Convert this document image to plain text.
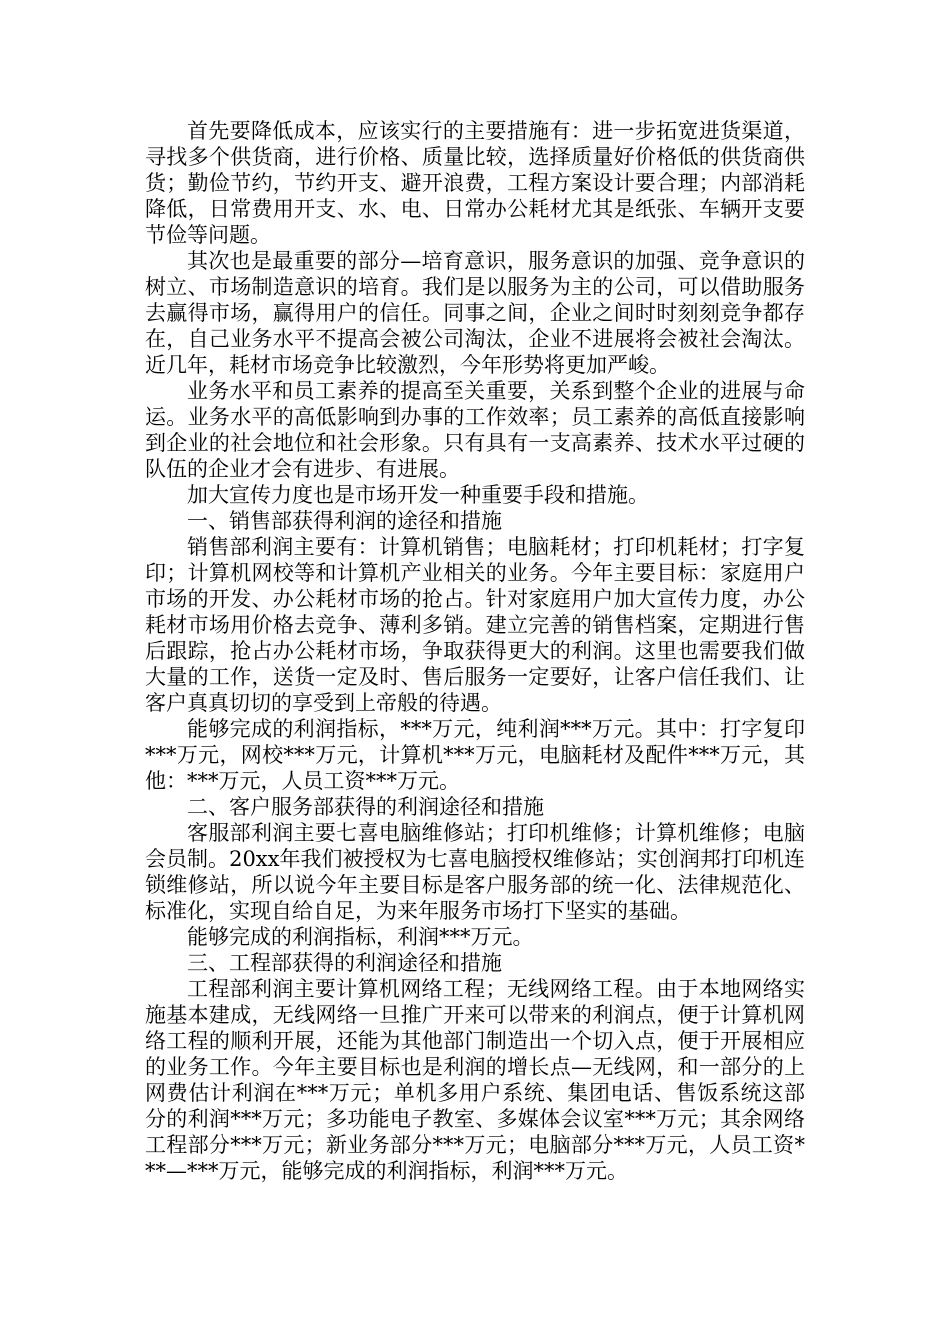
首先要降低成本，应该实行的主要措施有：进一步拓宽进货渠道，寻找多个供货商，进行价格、质量比较，选择质量好价格低的供货商供货；勤俭节约，节约开支、避开浪费，工程方案设计要合理；内部消耗降低，日常费用开支、水、电、日常办公耗材尤其是纸张、车辆开支要节俭等问题。

其次也是最重要的部分—培育意识，服务意识的加强、竞争意识的树立、市场制造意识的培育。我们是以服务为主的公司，可以借助服务去赢得市场，赢得用户的信任。同事之间，企业之间时时刻刻竞争都存在，自己业务水平不提高会被公司淘汰，企业不进展将会被社会淘汰。近几年，耗材市场竞争比较激烈，今年形势将更加严峻。

业务水平和员工素养的提高至关重要，关系到整个企业的进展与命运。业务水平的高低影响到办事的工作效率；员工素养的高低直接影响到企业的社会地位和社会形象。只有具有一支高素养、技术水平过硬的队伍的企业才会有进步、有进展。

加大宣传力度也是市场开发一种重要手段和措施。

一、销售部获得利润的途径和措施

销售部利润主要有：计算机销售；电脑耗材；打印机耗材；打字复印；计算机网校等和计算机产业相关的业务。今年主要目标：家庭用户市场的开发、办公耗材市场的抢占。针对家庭用户加大宣传力度，办公耗材市场用价格去竞争、薄利多销。建立完善的销售档案，定期进行售后跟踪，抢占办公耗材市场，争取获得更大的利润。这里也需要我们做大量的工作，送货一定及时、售后服务一定要好，让客户信任我们、让客户真真切切的享受到上帝般的待遇。

能够完成的利润指标，***万元，纯利润***万元。其中：打字复印***万元，网校***万元，计算机***万元，电脑耗材及配件***万元，其他：***万元，人员工资***万元。

二、客户服务部获得的利润途径和措施

客服部利润主要七喜电脑维修站；打印机维修；计算机维修；电脑会员制。20xx年我们被授权为七喜电脑授权维修站；实创润邦打印机连锁维修站，所以说今年主要目标是客户服务部的统一化、法律规范化、标准化，实现自给自足，为来年服务市场打下坚实的基础。

能够完成的利润指标，利润***万元。

三、工程部获得的利润途径和措施

工程部利润主要计算机网络工程；无线网络工程。由于本地网络实施基本建成，无线网络一旦推广开来可以带来的利润点，便于计算机网络工程的顺利开展，还能为其他部门制造出一个切入点，便于开展相应的业务工作。今年主要目标也是利润的增长点—无线网，和一部分的上网费估计利润在***万元；单机多用户系统、集团电话、售饭系统这部分的利润***万元；多功能电子教室、多媒体会议室***万元；其余网络工程部分***万元；新业务部分***万元；电脑部分***万元，人员工资***—***万元，能够完成的利润指标，利润***万元。
